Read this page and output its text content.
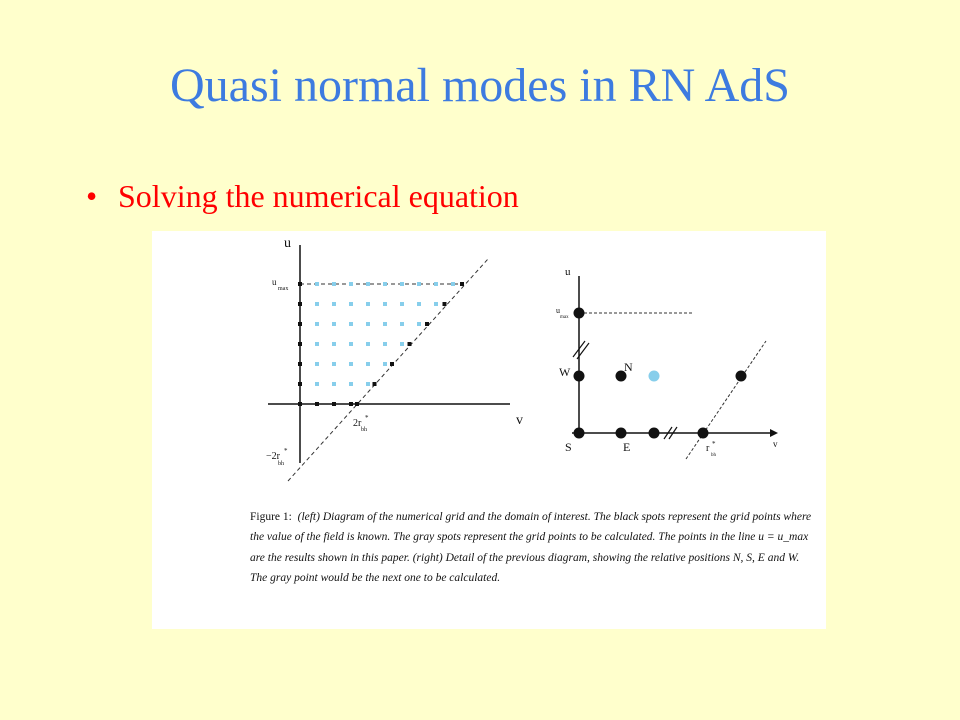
Quasi normal modes in RN AdS
• Solving the numerical equation
u
v
u
max
2r *
bh
−2r *
bh
u
v
u
max
W	N
S	E	r *
bh
Figure 1: (left) Diagram of the numerical grid and the domain of interest. The black spots represent the grid points where the value of the field is known. The gray spots represent the grid points to be calculated. The points in the line u = u_max are the results shown in this paper. (right) Detail of the previous diagram, showing the relative positions N, S, E and W. The gray point would be the next one to be calculated.
